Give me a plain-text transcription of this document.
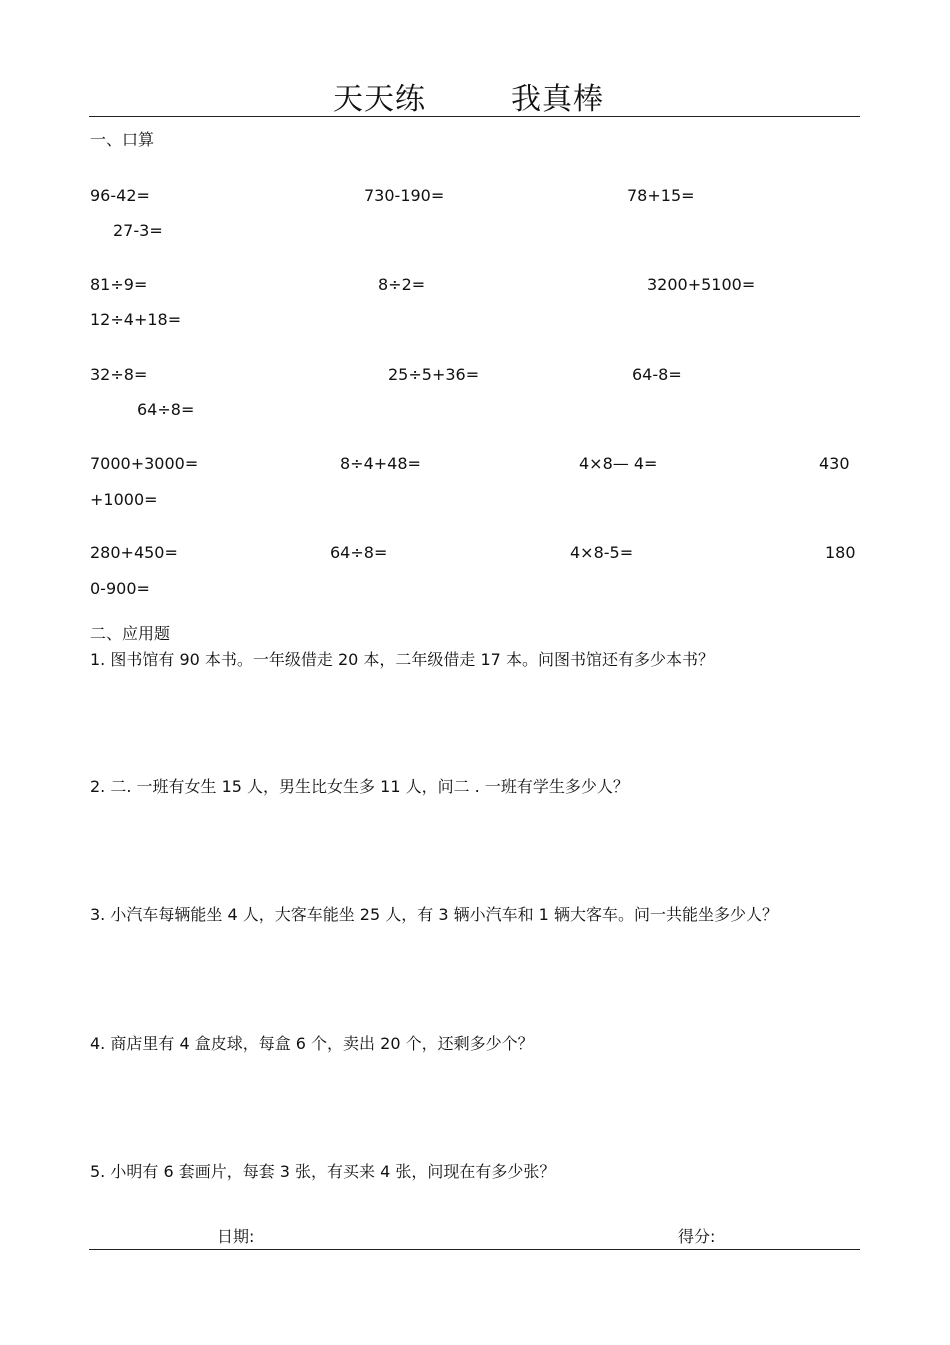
天天练	我真棒
一、口算
96-42=	730-190=	78+15=
27-3=
81÷9=	8÷2=	3200+5100=
12÷4+18=
32÷8=	25÷5+36=	64-8=
64÷8=
7000+3000=	8÷4+48=	4×8— 4=	430
+1000=
280+450=	64÷8=	4×8-5=	180
0-900=
二、应用题
1. 图书馆有 90 本书。一年级借走 20 本，二年级借走 17 本。问图书馆还有多少本书？
2. 二. 一班有女生 15 人，男生比女生多 11 人，问二 . 一班有学生多少人？
3. 小汽车每辆能坐 4 人，大客车能坐 25 人，有 3 辆小汽车和 1 辆大客车。问一共能坐多少人？
4. 商店里有 4 盒皮球，每盒 6 个，卖出 20 个，还剩多少个？
5. 小明有 6 套画片，每套 3 张，有买来 4 张，问现在有多少张？
日期:	得分:
